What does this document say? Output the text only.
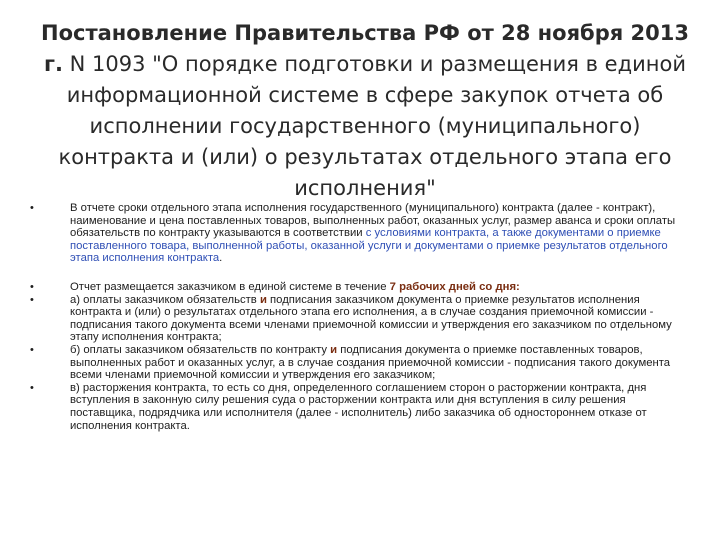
Постановление Правительства РФ от 28 ноября 2013 г. N 1093 "О порядке подготовки и размещения в единой информационной системе в сфере закупок отчета об исполнении государственного (муниципального) контракта и (или) о результатах отдельного этапа его исполнения"
•	В отчете сроки отдельного этапа исполнения государственного (муниципального) контракта (далее - контракт), наименование и цена поставленных товаров, выполненных работ, оказанных услуг, размер аванса и сроки оплаты обязательств по контракту указываются в соответствии с условиями контракта, а также документами о приемке поставленного товара, выполненной работы, оказанной услуги и документами о приемке результатов отдельного этапа исполнения контракта.
•	Отчет размещается заказчиком в единой системе в течение 7 рабочих дней со дня:
•	а) оплаты заказчиком обязательств и подписания заказчиком документа о приемке результатов исполнения контракта и (или) о результатах отдельного этапа его исполнения, а в случае создания приемочной комиссии - подписания такого документа всеми членами приемочной комиссии и утверждения его заказчиком по отдельному этапу исполнения контракта;
•	б) оплаты заказчиком обязательств по контракту и подписания документа о приемке поставленных товаров, выполненных работ и оказанных услуг, а в случае создания приемочной комиссии - подписания такого документа всеми членами приемочной комиссии и утверждения его заказчиком;
•	в) расторжения контракта, то есть со дня, определенного соглашением сторон о расторжении контракта, дня вступления в законную силу решения суда о расторжении контракта или дня вступления в силу решения поставщика, подрядчика или исполнителя (далее - исполнитель) либо заказчика об одностороннем отказе от исполнения контракта.
